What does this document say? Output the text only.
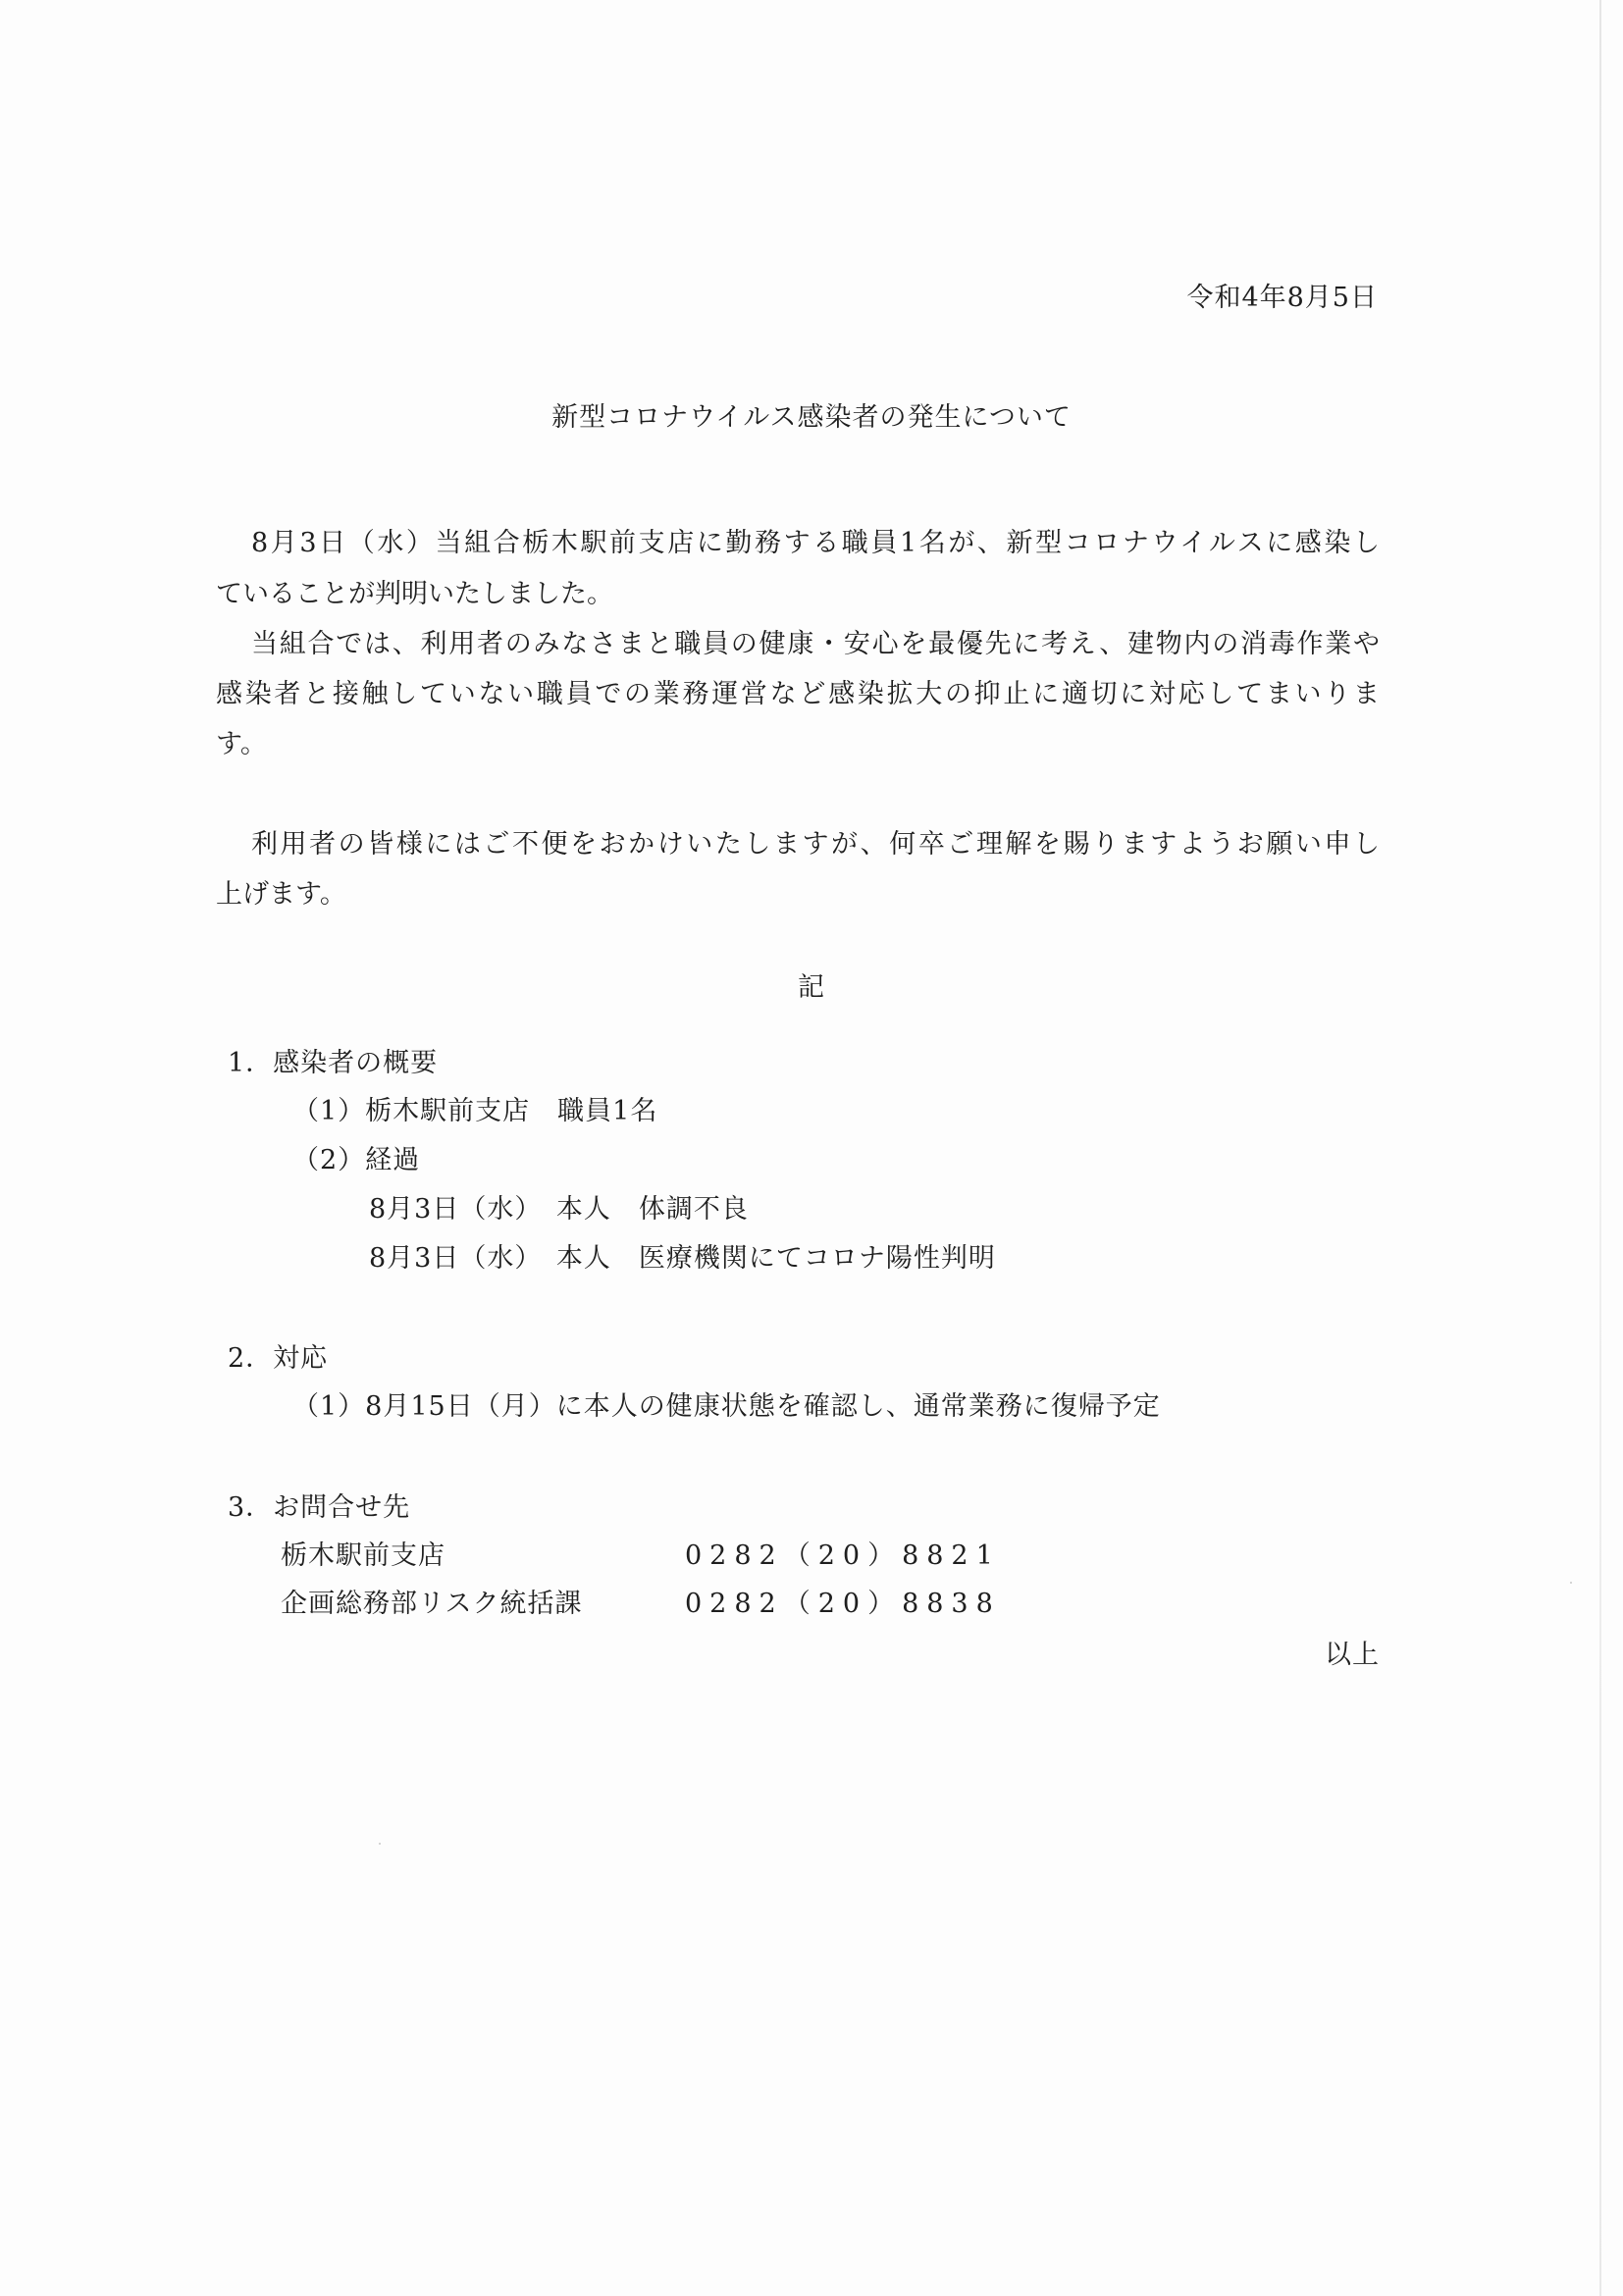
令和4年8月5日
新型コロナウイルス感染者の発生について
8月3日（水）当組合栃木駅前支店に勤務する職員1名が、新型コロナウイルスに感染し
ていることが判明いたしました。
当組合では、利用者のみなさまと職員の健康・安心を最優先に考え、建物内の消毒作業や
感染者と接触していない職員での業務運営など感染拡大の抑止に適切に対応してまいりま
す。
利用者の皆様にはご不便をおかけいたしますが、何卒ご理解を賜りますようお願い申し
上げます。
記
1．感染者の概要
（1）栃木駅前支店　職員1名
（2）経過
8月3日（水）　本人　体調不良
8月3日（水）　本人　医療機関にてコロナ陽性判明
2．対応
（1）8月15日（月）に本人の健康状態を確認し、通常業務に復帰予定
3．お問合せ先
栃木駅前支店	0282（20）8821
企画総務部リスク統括課	0282（20）8838
以上
